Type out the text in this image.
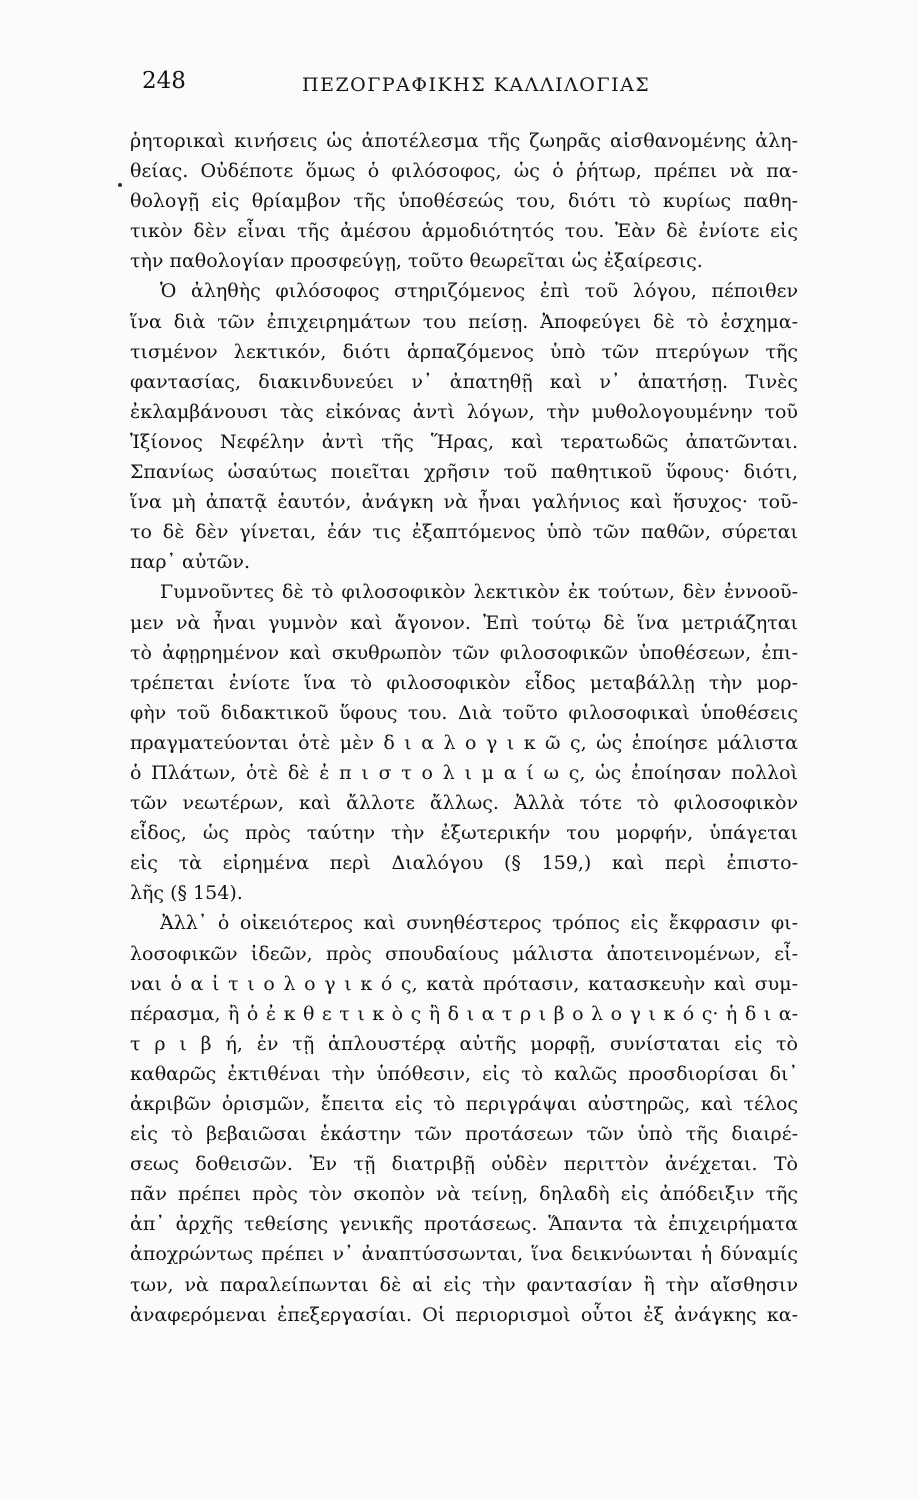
248	ΠΕΖΟΓΡΑΦΙΚΗΣ ΚΑΛΛΙΛΟΓΙΑΣ
ῥητορικαὶ κινήσεις ὡς ἀποτέλεσμα τῆς ζωηρᾶς αἰσθανομένης ἀλη-
θείας. Οὐδέποτε ὅμως ὁ φιλόσοφος, ὡς ὁ ῥήτωρ, πρέπει νὰ πα-
θολογῇ εἰς θρίαμβον τῆς ὑποθέσεώς του, διότι τὸ κυρίως παθη-
τικὸν δὲν εἶναι τῆς ἀμέσου ἁρμοδιότητός του. Ἐὰν δὲ ἐνίοτε εἰς
τὴν παθολογίαν προσφεύγῃ, τοῦτο θεωρεῖται ὡς ἐξαίρεσις.
Ὁ ἀληθὴς φιλόσοφος στηριζόμενος ἐπὶ τοῦ λόγου, πέποιθεν
ἵνα διὰ τῶν ἐπιχειρημάτων του πείσῃ. Ἀποφεύγει δὲ τὸ ἐσχημα-
τισμένον λεκτικόν, διότι ἁρπαζόμενος ὑπὸ τῶν πτερύγων τῆς
φαντασίας, διακινδυνεύει ν᾽ ἀπατηθῇ καὶ ν᾽ ἀπατήσῃ. Τινὲς
ἐκλαμβάνουσι τὰς εἰκόνας ἀντὶ λόγων, τὴν μυθολογουμένην τοῦ
Ἰξίονος Νεφέλην ἀντὶ τῆς Ἥρας, καὶ τερατωδῶς ἀπατῶνται.
Σπανίως ὡσαύτως ποιεῖται χρῆσιν τοῦ παθητικοῦ ὕφους· διότι,
ἵνα μὴ ἀπατᾷ ἑαυτόν, ἀνάγκη νὰ ἦναι γαλήνιος καὶ ἥσυχος· τοῦ-
το δὲ δὲν γίνεται, ἐάν τις ἐξαπτόμενος ὑπὸ τῶν παθῶν, σύρεται
παρ᾽ αὐτῶν.
Γυμνοῦντες δὲ τὸ φιλοσοφικὸν λεκτικὸν ἐκ τούτων, δὲν ἐννοοῦ-
μεν νὰ ἦναι γυμνὸν καὶ ἄγονον. Ἐπὶ τούτῳ δὲ ἵνα μετριάζηται
τὸ ἀφῃρημένον καὶ σκυθρωπὸν τῶν φιλοσοφικῶν ὑποθέσεων, ἐπι-
τρέπεται ἐνίοτε ἵνα τὸ φιλοσοφικὸν εἶδος μεταβάλλῃ τὴν μορ-
φὴν τοῦ διδακτικοῦ ὕφους του. Διὰ τοῦτο φιλοσοφικαὶ ὑποθέσεις
πραγματεύονται ὁτὲ μὲν δ ι α λ ο γ ι κ ῶ ς, ὡς ἐποίησε μάλιστα
ὁ Πλάτων, ὁτὲ δὲ ἐ π ι σ τ ο λ ι μ α ί ω ς, ὡς ἐποίησαν πολλοὶ
τῶν νεωτέρων, καὶ ἄλλοτε ἄλλως. Ἀλλὰ τότε τὸ φιλοσοφικὸν
εἶδος, ὡς πρὸς ταύτην τὴν ἐξωτερικήν του μορφήν, ὑπάγεται
εἰς τὰ εἰρημένα περὶ Διαλόγου (§ 159,) καὶ περὶ ἐπιστο-
λῆς (§ 154).
Ἀλλ᾽ ὁ οἰκειότερος καὶ συνηθέστερος τρόπος εἰς ἔκφρασιν φι-
λοσοφικῶν ἰδεῶν, πρὸς σπουδαίους μάλιστα ἀποτεινομένων, εἶ-
ναι ὁ α ἰ τ ι ο λ ο γ ι κ ό ς, κατὰ πρότασιν, κατασκευὴν καὶ συμ-
πέρασμα, ἢ ὁ ἐ κ θ ε τ ι κ ὸ ς ἢ δ ι α τ ρ ι β ο λ ο γ ι κ ό ς· ἡ δ ι α-
τ ρ ι β ή, ἐν τῇ ἁπλουστέρᾳ αὐτῆς μορφῇ, συνίσταται εἰς τὸ
καθαρῶς ἐκτιθέναι τὴν ὑπόθεσιν, εἰς τὸ καλῶς προσδιορίσαι δι᾽
ἀκριβῶν ὁρισμῶν, ἔπειτα εἰς τὸ περιγράψαι αὐστηρῶς, καὶ τέλος
εἰς τὸ βεβαιῶσαι ἑκάστην τῶν προτάσεων τῶν ὑπὸ τῆς διαιρέ-
σεως δοθεισῶν. Ἐν τῇ διατριβῇ οὐδὲν περιττὸν ἀνέχεται. Τὸ
πᾶν πρέπει πρὸς τὸν σκοπὸν νὰ τείνῃ, δηλαδὴ εἰς ἀπόδειξιν τῆς
ἀπ᾽ ἀρχῆς τεθείσης γενικῆς προτάσεως. Ἅπαντα τὰ ἐπιχειρήματα
ἀποχρώντως πρέπει ν᾽ ἀναπτύσσωνται, ἵνα δεικνύωνται ἡ δύναμίς
των, νὰ παραλείπωνται δὲ αἱ εἰς τὴν φαντασίαν ἢ τὴν αἴσθησιν
ἀναφερόμεναι ἐπεξεργασίαι. Οἱ περιορισμοὶ οὗτοι ἐξ ἀνάγκης κα-
